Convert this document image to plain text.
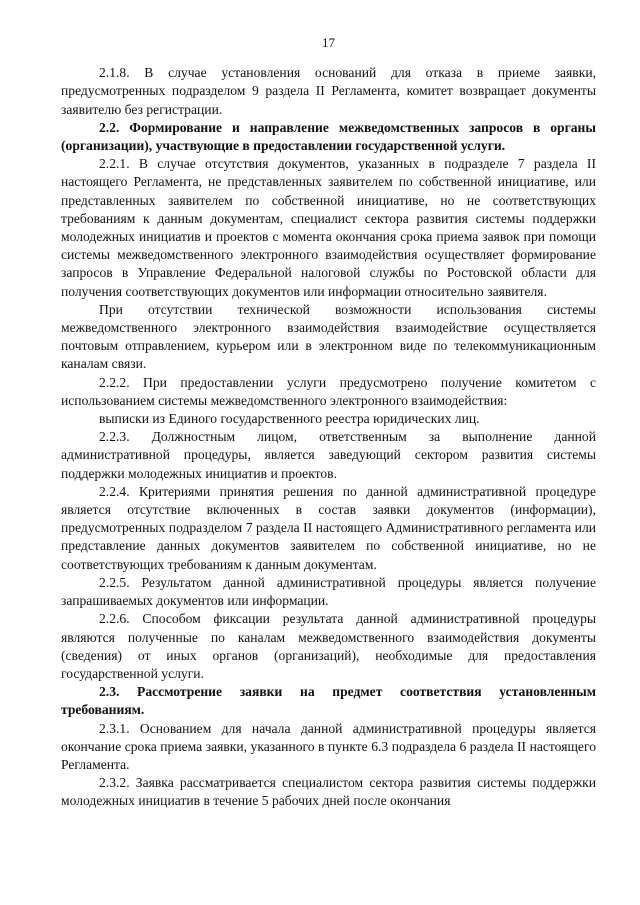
17

2.1.8. В случае установления оснований для отказа в приеме заявки, предусмотренных подразделом 9 раздела II Регламента, комитет возвращает документы заявителю без регистрации.

2.2. Формирование и направление межведомственных запросов в органы (организации), участвующие в предоставлении государственной услуги.

2.2.1. В случае отсутствия документов, указанных в подразделе 7 раздела II настоящего Регламента, не представленных заявителем по собственной инициативе, или представленных заявителем по собственной инициативе, но не соответствующих требованиям к данным документам, специалист сектора развития системы поддержки молодежных инициатив и проектов с момента окончания срока приема заявок при помощи системы межведомственного электронного взаимодействия осуществляет формирование запросов в Управление Федеральной налоговой службы по Ростовской области для получения соответствующих документов или информации относительно заявителя.

При отсутствии технической возможности использования системы межведомственного электронного взаимодействия взаимодействие осуществляется почтовым отправлением, курьером или в электронном виде по телекоммуникационным каналам связи.

2.2.2. При предоставлении услуги предусмотрено получение комитетом с использованием системы межведомственного электронного взаимодействия:

выписки из Единого государственного реестра юридических лиц.

2.2.3. Должностным лицом, ответственным за выполнение данной административной процедуры, является заведующий сектором развития системы поддержки молодежных инициатив и проектов.

2.2.4. Критериями принятия решения по данной административной процедуре является отсутствие включенных в состав заявки документов (информации), предусмотренных подразделом 7 раздела II настоящего Административного регламента или представление данных документов заявителем по собственной инициативе, но не соответствующих требованиям к данным документам.

2.2.5. Результатом данной административной процедуры является получение запрашиваемых документов или информации.

2.2.6. Способом фиксации результата данной административной процедуры являются полученные по каналам межведомственного взаимодействия документы (сведения) от иных органов (организаций), необходимые для предоставления государственной услуги.

2.3. Рассмотрение заявки на предмет соответствия установленным требованиям.

2.3.1. Основанием для начала данной административной процедуры является окончание срока приема заявки, указанного в пункте 6.3 подраздела 6 раздела II настоящего Регламента.

2.3.2. Заявка рассматривается специалистом сектора развития системы поддержки молодежных инициатив в течение 5 рабочих дней после окончания
